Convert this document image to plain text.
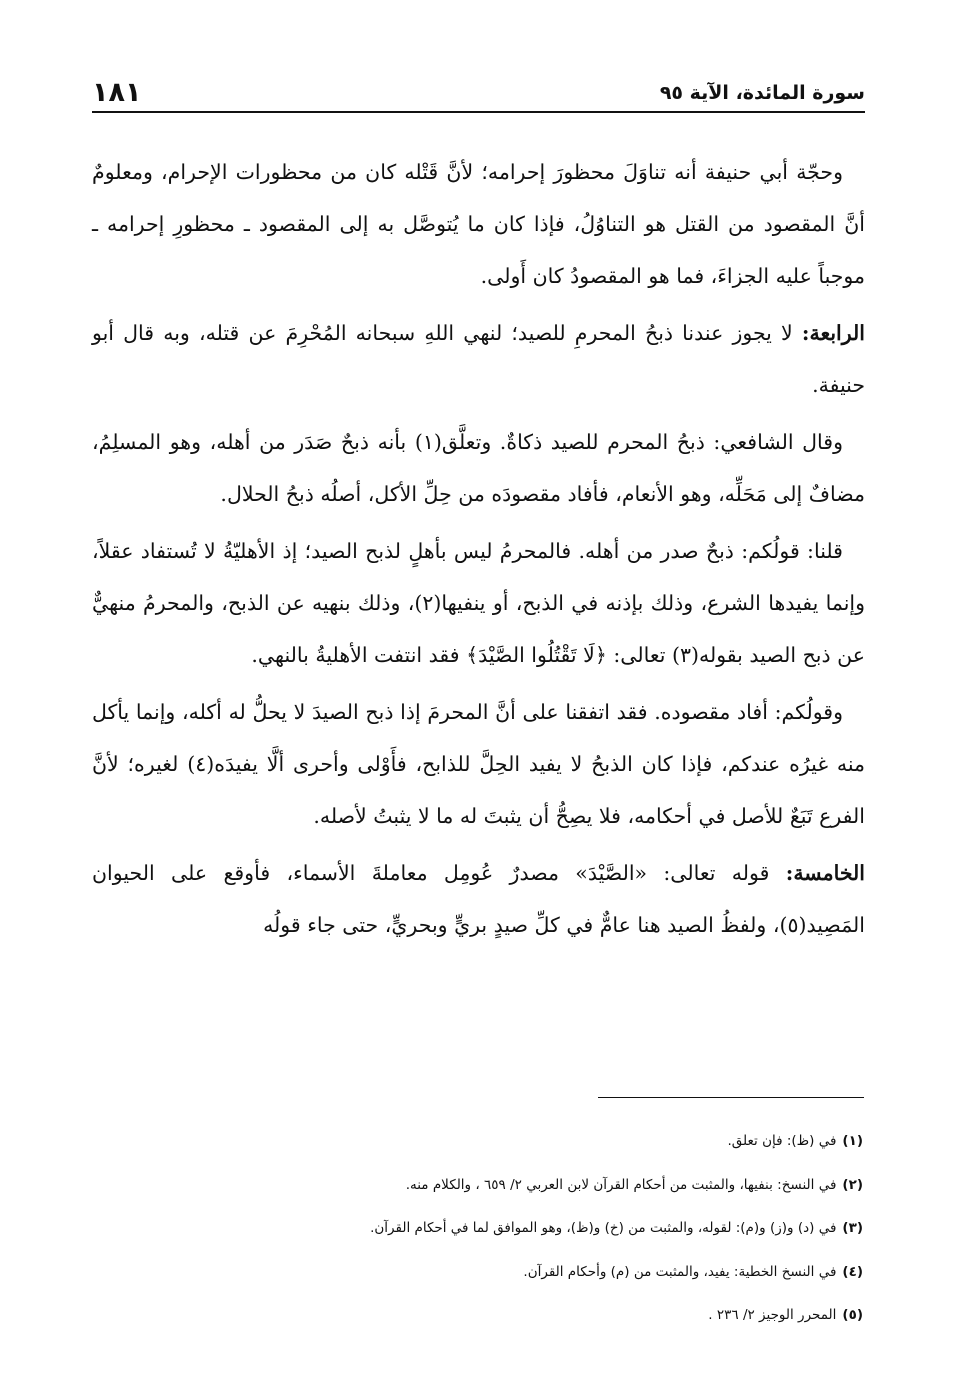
سورة المائدة، الآية ٩٥
١٨١

وحجّة أبي حنيفة أنه تناوَلَ محظورَ إحرامه؛ لأنَّ قَتْله كان من محظورات الإحرام، ومعلومٌ أنَّ المقصود من القتل هو التناوُلُ، فإذا كان ما يُتوصَّل به إلى المقصود ـ محظورِ إحرامه ـ موجباً عليه الجزاءَ، فما هو المقصودُ كان أَولى.

الرابعة: لا يجوز عندنا ذبحُ المحرمِ للصيد؛ لنهي اللهِ سبحانه المُحْرِمَ عن قتله، وبه قال أبو حنيفة.

وقال الشافعي: ذبحُ المحرم للصيد ذكاةٌ. وتعلَّق(١) بأنه ذبحٌ صَدَر من أهله، وهو المسلِمُ، مضافٌ إلى مَحَلِّه، وهو الأنعام، فأفاد مقصودَه من حِلِّ الأكل، أصلُه ذبحُ الحلال.

قلنا: قولُكم: ذبحٌ صدر من أهله. فالمحرمُ ليس بأهلٍ لذبح الصيد؛ إذ الأهليّةُ لا تُستفاد عقلاً، وإنما يفيدها الشرع، وذلك بإذنه في الذبح، أو ينفيها(٢)، وذلك بنهيه عن الذبح، والمحرمُ منهيٌّ عن ذبح الصيد بقوله(٣) تعالى: ﴿لَا تَقْتُلُوا الصَّيْدَ﴾ فقد انتفت الأهليةُ بالنهي.

وقولُكم: أفاد مقصوده. فقد اتفقنا على أنَّ المحرمَ إذا ذبح الصيدَ لا يحلُّ له أكله، وإنما يأكل منه غيرُه عندكم، فإذا كان الذبحُ لا يفيد الحِلَّ للذابح، فأَوْلى وأحرى ألَّا يفيدَه(٤) لغيره؛ لأنَّ الفرع تَبَعٌ للأصل في أحكامه، فلا يصِحُّ أن يثبتَ له ما لا يثبتُ لأصله.

الخامسة: قوله تعالى: «الصَّيْدَ» مصدرٌ عُومِل معاملةَ الأسماء، فأوقع على الحيوان المَصِيد(٥)، ولفظُ الصيد هنا عامٌّ في كلِّ صيدٍ بريٍّ وبحريٍّ، حتى جاء قولُه

(١)في (ظ): فإن تعلق.

(٢)في النسخ: بنفيها، والمثبت من أحكام القرآن لابن العربي ٢/ ٦٥٩ ، والكلام منه.

(٣)في (د) و(ز) و(م): لقوله، والمثبت من (خ) و(ظ)، وهو الموافق لما في أحكام القرآن.

(٤)في النسخ الخطية: يفيد، والمثبت من (م) وأحكام القرآن.

(٥)المحرر الوجيز ٢/ ٢٣٦ .
